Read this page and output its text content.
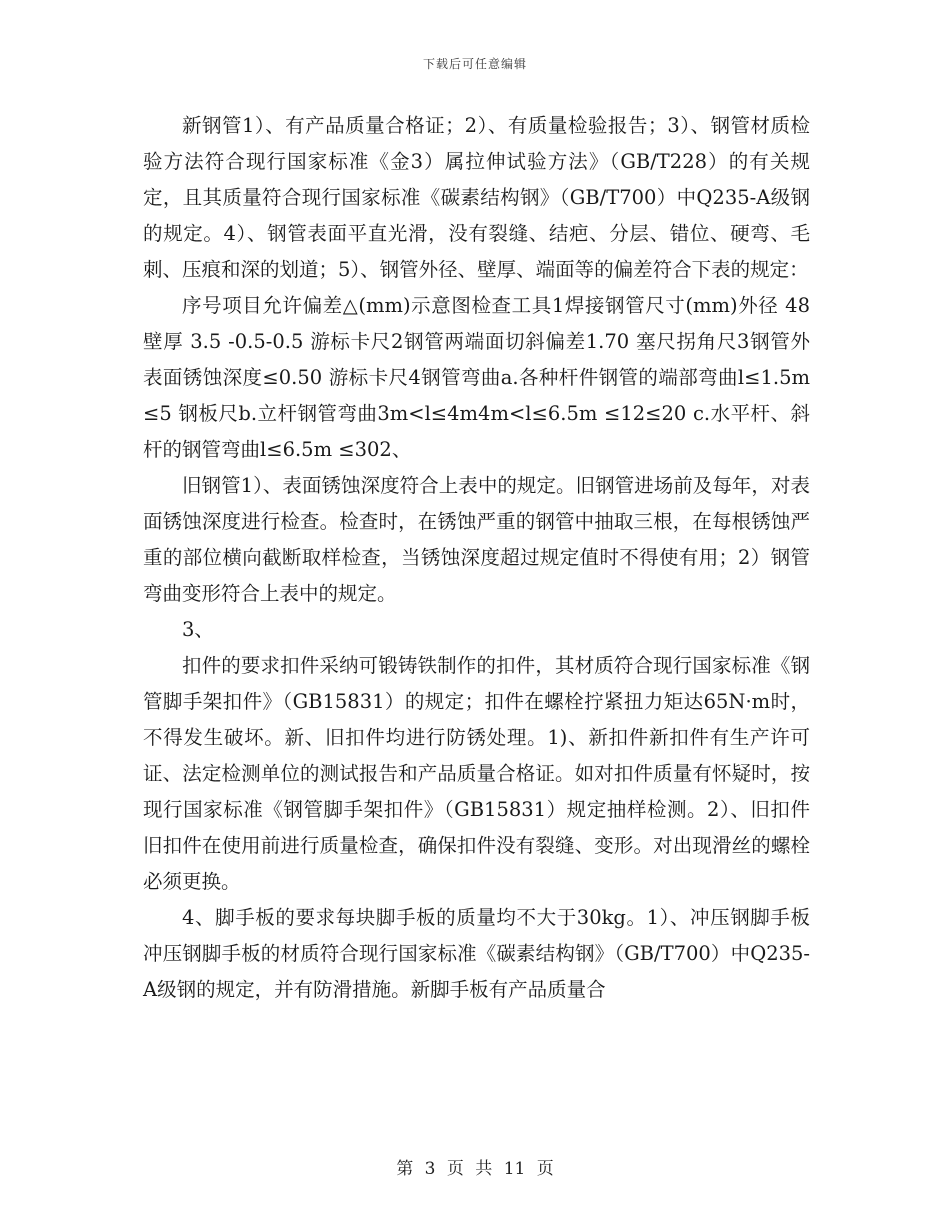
下载后可任意编辑

新钢管1）、有产品质量合格证；2）、有质量检验报告；3）、钢管材质检验方法符合现行国家标准《金3）属拉伸试验方法》（GB/T228）的有关规定，且其质量符合现行国家标准《碳素结构钢》（GB/T700）中Q235-A级钢的规定。4）、钢管表面平直光滑，没有裂缝、结疤、分层、错位、硬弯、毛刺、压痕和深的划道；5）、钢管外径、壁厚、端面等的偏差符合下表的规定：

序号项目允许偏差△(mm)示意图检查工具1焊接钢管尺寸(mm)外径 48壁厚 3.5 -0.5-0.5 游标卡尺2钢管两端面切斜偏差1.70 塞尺拐角尺3钢管外表面锈蚀深度≤0.50 游标卡尺4钢管弯曲a.各种杆件钢管的端部弯曲l≤1.5m≤5 钢板尺b.立杆钢管弯曲3m<l≤4m4m<l≤6.5m ≤12≤20 c.水平杆、斜杆的钢管弯曲l≤6.5m ≤302、

旧钢管1）、表面锈蚀深度符合上表中的规定。旧钢管进场前及每年，对表面锈蚀深度进行检查。检查时，在锈蚀严重的钢管中抽取三根，在每根锈蚀严重的部位横向截断取样检查，当锈蚀深度超过规定值时不得使有用；2）钢管弯曲变形符合上表中的规定。

3、

扣件的要求扣件采纳可锻铸铁制作的扣件，其材质符合现行国家标准《钢管脚手架扣件》（GB15831）的规定；扣件在螺栓拧紧扭力矩达65N·m时，不得发生破坏。新、旧扣件均进行防锈处理。1)、新扣件新扣件有生产许可证、法定检测单位的测试报告和产品质量合格证。如对扣件质量有怀疑时，按现行国家标准《钢管脚手架扣件》（GB15831）规定抽样检测。2）、旧扣件旧扣件在使用前进行质量检查，确保扣件没有裂缝、变形。对出现滑丝的螺栓必须更换。

4、脚手板的要求每块脚手板的质量均不大于30kg。1）、冲压钢脚手板冲压钢脚手板的材质符合现行国家标准《碳素结构钢》（GB/T700）中Q235-A级钢的规定，并有防滑措施。新脚手板有产品质量合

第 3 页 共 11 页
